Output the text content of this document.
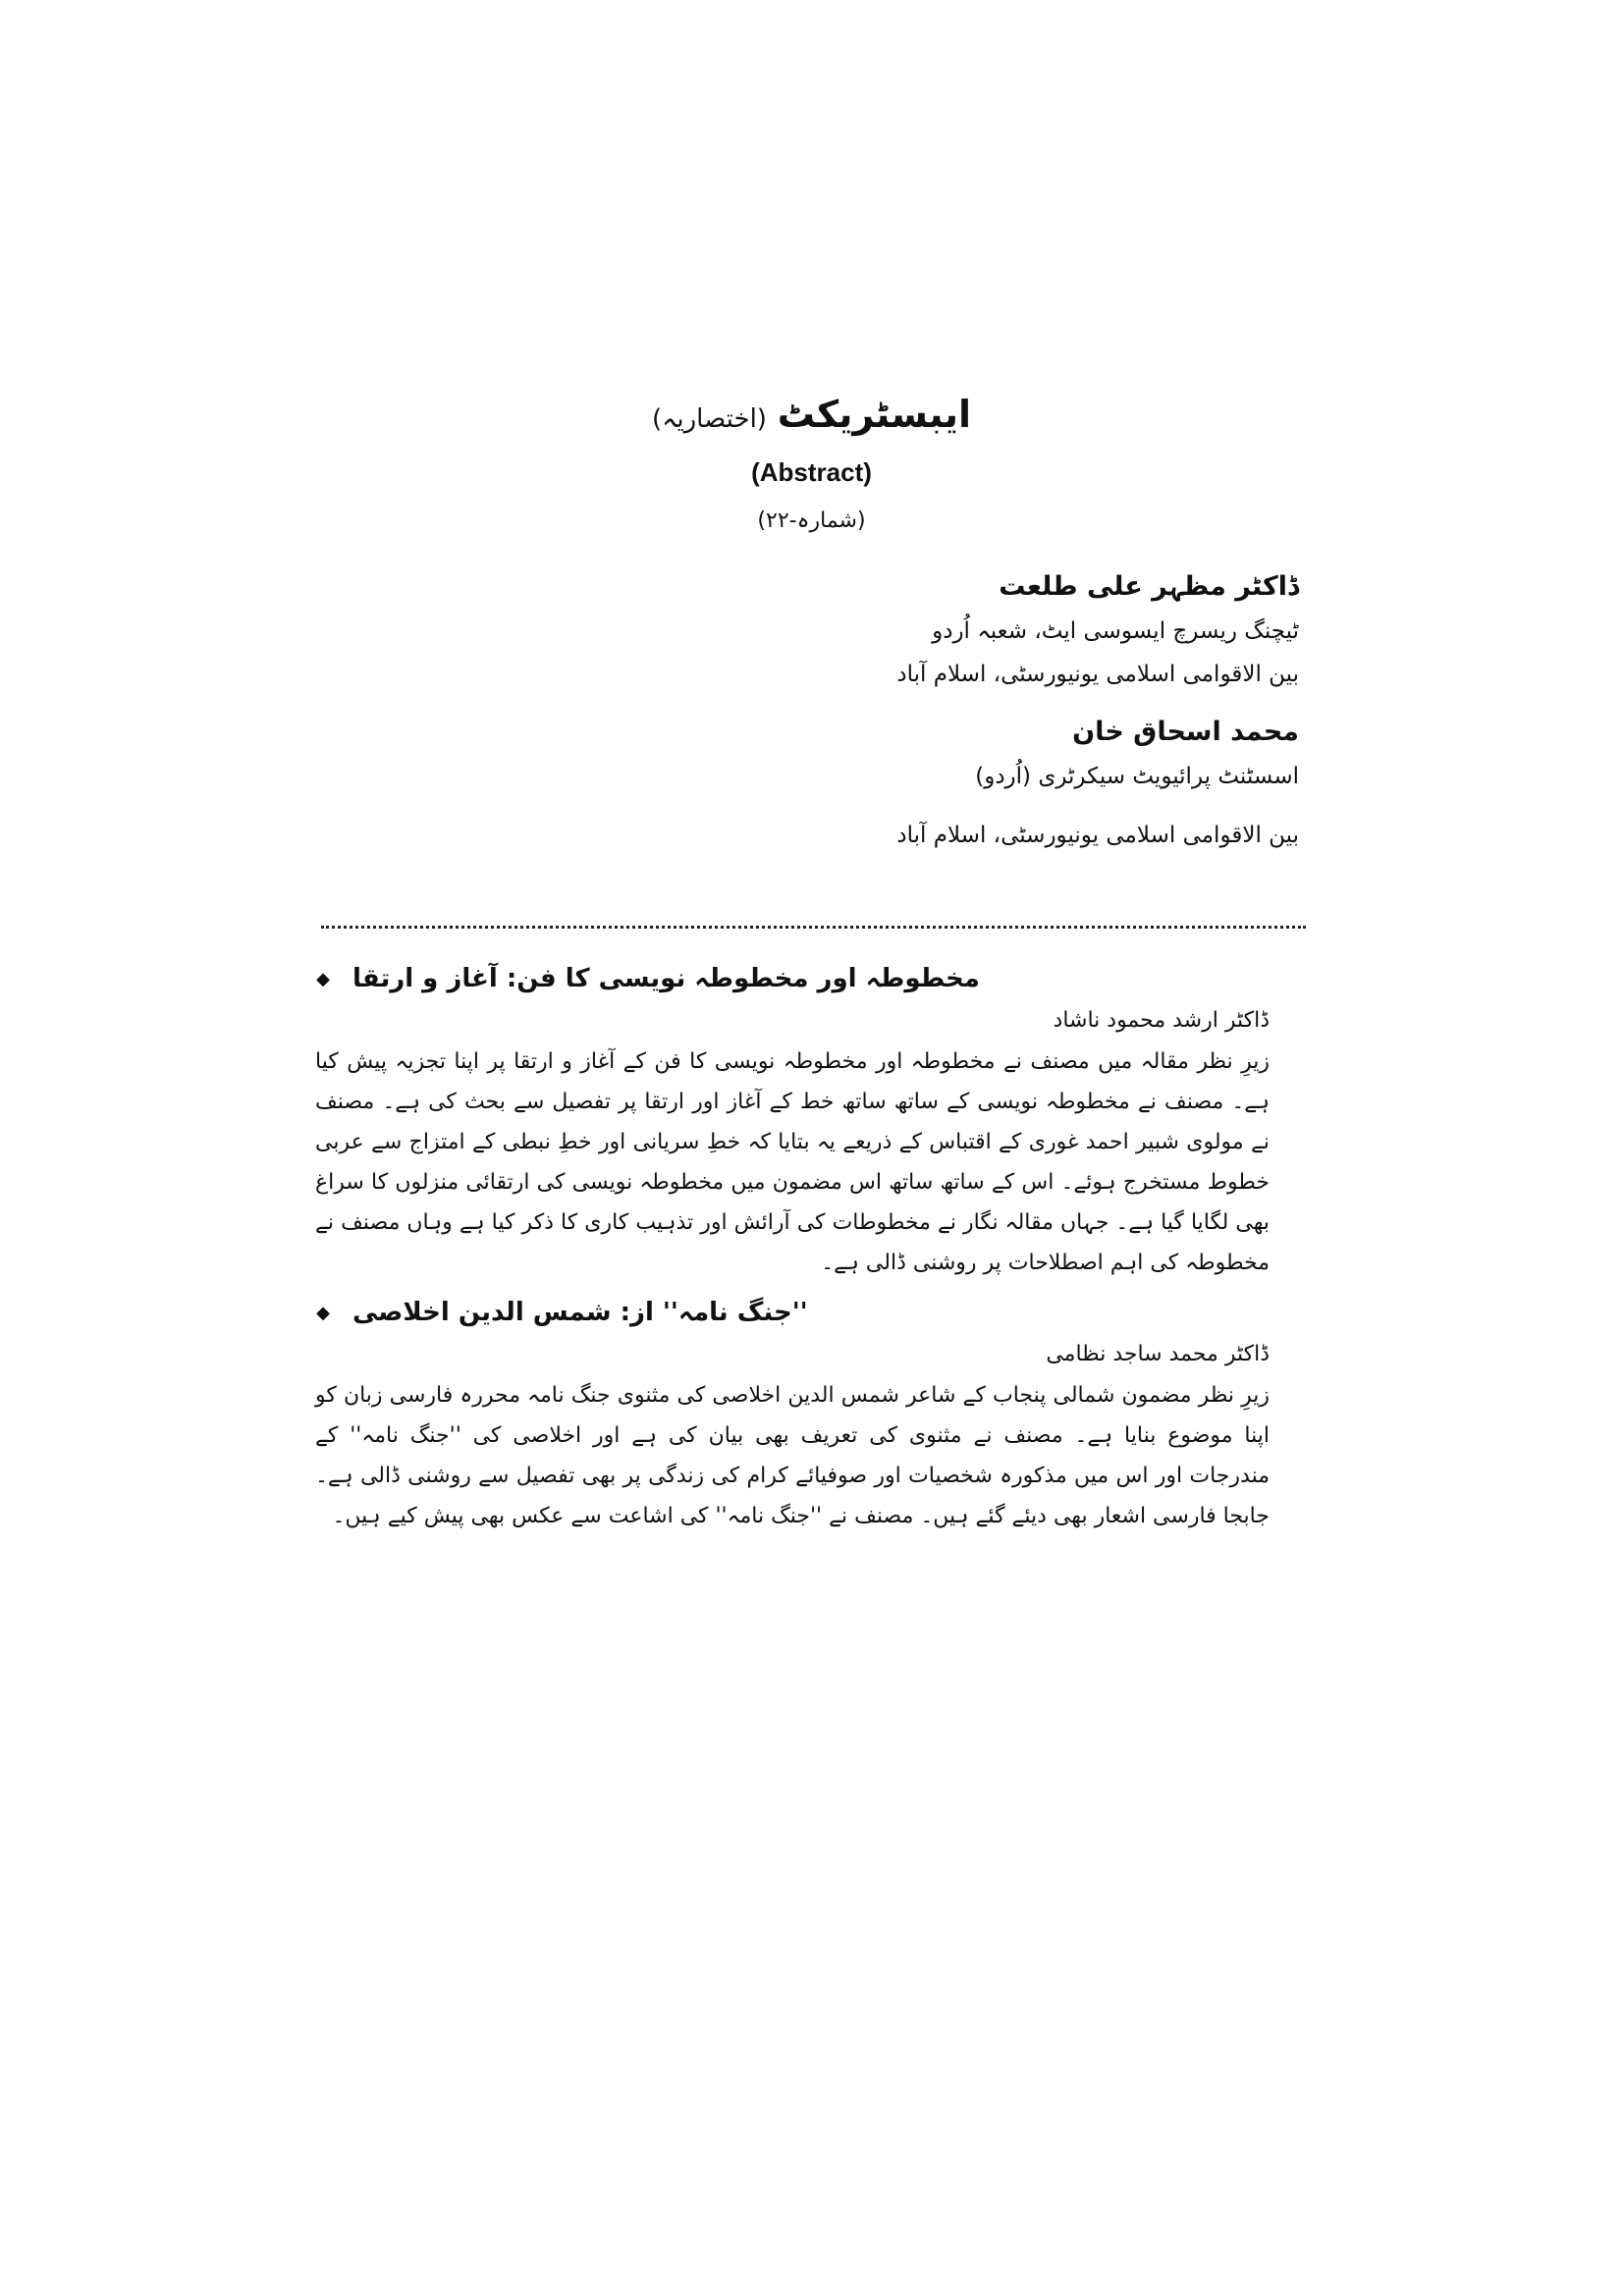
ایبسٹریکٹ (اختصاریہ)
(Abstract)
(شمارہ-۲۲)

ڈاکٹر مظہر علی طلعت

ٹیچنگ ریسرچ ایسوسی ایٹ، شعبہ اُردو

بین الاقوامی اسلامی یونیورسٹی، اسلام آباد

محمد اسحاق خان

اسسٹنٹ پرائیویٹ سیکرٹری (اُردو)

بین الاقوامی اسلامی یونیورسٹی، اسلام آباد

◆ مخطوطہ اور مخطوطہ نویسی کا فن: آغاز و ارتقا
ڈاکٹر ارشد محمود ناشاد
زیرِ نظر مقالہ میں مصنف نے مخطوطہ اور مخطوطہ نویسی کا فن کے آغاز و ارتقا پر اپنا تجزیہ پیش کیا ہے۔ مصنف نے مخطوطہ نویسی کے ساتھ ساتھ خط کے آغاز اور ارتقا پر تفصیل سے بحث کی ہے۔ مصنف نے مولوی شبیر احمد غوری کے اقتباس کے ذریعے یہ بتایا کہ خطِ سریانی اور خطِ نبطی کے امتزاج سے عربی خطوط مستخرج ہوئے۔ اس کے ساتھ ساتھ اس مضمون میں مخطوطہ نویسی کی ارتقائی منزلوں کا سراغ بھی لگایا گیا ہے۔ جہاں مقالہ نگار نے مخطوطات کی آرائش اور تذہیب کاری کا ذکر کیا ہے وہاں مصنف نے مخطوطہ کی اہم اصطلاحات پر روشنی ڈالی ہے۔
◆ ''جنگ نامہ'' از: شمس الدین اخلاصی
ڈاکٹر محمد ساجد نظامی
زیرِ نظر مضمون شمالی پنجاب کے شاعر شمس الدین اخلاصی کی مثنوی جنگ نامہ محررہ فارسی زبان کو اپنا موضوع بنایا ہے۔ مصنف نے مثنوی کی تعریف بھی بیان کی ہے اور اخلاصی کی ''جنگ نامہ'' کے مندرجات اور اس میں مذکورہ شخصیات اور صوفیائے کرام کی زندگی پر بھی تفصیل سے روشنی ڈالی ہے۔ جابجا فارسی اشعار بھی دیئے گئے ہیں۔ مصنف نے ''جنگ نامہ'' کی اشاعت سے عکس بھی پیش کیے ہیں۔
